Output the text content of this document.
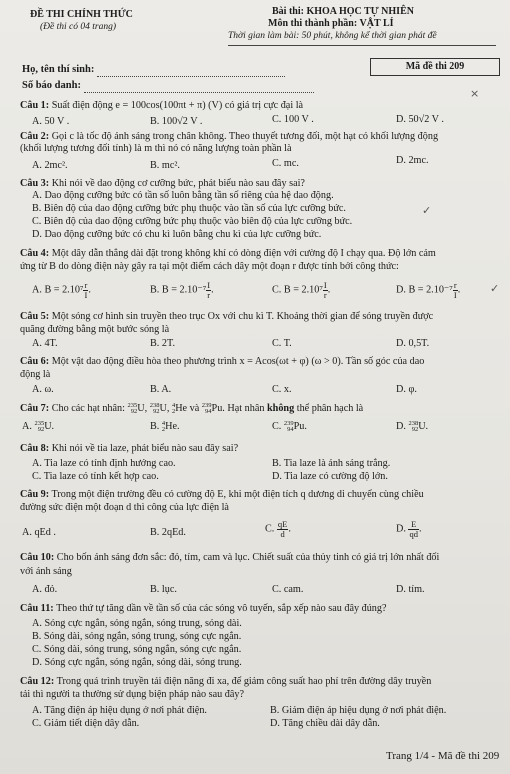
ĐỀ THI CHÍNH THỨC
(Đề thi có 04 trang)
Bài thi: KHOA HỌC TỰ NHIÊN
Môn thi thành phần: VẬT LÍ
Thời gian làm bài: 50 phút, không kể thời gian phát đề
Mã đề thi 209
Họ, tên thí sinh:
Số báo danh:
Câu 1: Suất điện động e = 100cos(100πt + π) (V) có giá trị cực đại là
A. 50 V .	B. 100√2 V .	C. 100 V .	D. 50√2 V .
×
Câu 2: Gọi c là tốc độ ánh sáng trong chân không. Theo thuyết tương đối, một hạt có khối lượng động
(khối lượng tương đối tính) là m thì nó có năng lượng toàn phần là
A. 2mc².	B. mc².	C. mc.	D. 2mc.
Câu 3: Khi nói về dao động cơ cưỡng bức, phát biểu nào sau đây sai?
A. Dao động cưỡng bức có tần số luôn bằng tần số riêng của hệ dao động.
B. Biên độ của dao động cưỡng bức phụ thuộc vào tần số của lực cưỡng bức.
C. Biên độ của dao động cưỡng bức phụ thuộc vào biên độ của lực cưỡng bức.
D. Dao động cưỡng bức có chu kì luôn bằng chu kì của lực cưỡng bức.
✓
Câu 4: Một dây dẫn thẳng dài đặt trong không khí có dòng điện với cường độ I chạy qua. Độ lớn cảm
ứng từ B do dòng điện này gây ra tại một điểm cách dây một đoạn r được tính bởi công thức:
A. $B = 2.10^7 \frac{r}{I}$ .	B. $B = 2.10^{-7} \frac{I}{r}$ .	C. $B = 2.10^7 \frac{I}{r}$ .	D. $B = 2.10^{-7} \frac{r}{I}$ .	✓
Câu 5: Một sóng cơ hình sin truyền theo trục Ox với chu kì T. Khoảng thời gian để sóng truyền được
quãng đường bằng một bước sóng là
A. 4T.	B. 2T.	C. T.	D. 0,5T.
Câu 6: Một vật dao động điều hòa theo phương trình x = Acos(ωt + φ) (ω > 0). Tần số góc của dao
động là
A. ω.	B. A.	C. x.	D. φ.
Câu 7: Cho các hạt nhân: 235
92 U, 238
92 U, 4
2 He và 239
94 Pu. Hạt nhân không thể phân hạch là
A. 235
92 U.	B. 4
2 He.	C. 239
94 Pu.	D. 238
92 U.
Câu 8: Khi nói về tia laze, phát biểu nào sau đây sai?
A. Tia laze có tính định hướng cao.	B. Tia laze là ánh sáng trắng.
C. Tia laze có tính kết hợp cao.	D. Tia laze có cường độ lớn.
Câu 9: Trong một điện trường đều có cường độ E, khi một điện tích q dương di chuyển cùng chiều
đường sức điện một đoạn d thì công của lực điện là
A. qEd .	B. 2qEd.	C. $\frac{qE}{d}$ .	D. $\frac{E}{qd}$ .
Câu 10: Cho bốn ánh sáng đơn sắc: đỏ, tím, cam và lục. Chiết suất của thủy tinh có giá trị lớn nhất đối
với ánh sáng
A. đỏ.	B. lục.	C. cam.	D. tím.
Câu 11: Theo thứ tự tăng dần về tần số của các sóng vô tuyến, sắp xếp nào sau đây đúng?
A. Sóng cực ngắn, sóng ngắn, sóng trung, sóng dài.
B. Sóng dài, sóng ngắn, sóng trung, sóng cực ngắn.
C. Sóng dài, sóng trung, sóng ngắn, sóng cực ngắn.
D. Sóng cực ngắn, sóng ngắn, sóng dài, sóng trung.
Câu 12: Trong quá trình truyền tải điện năng đi xa, để giảm công suất hao phí trên đường dây truyền
tải thì người ta thường sử dụng biện pháp nào sau đây?
A. Tăng điện áp hiệu dụng ở nơi phát điện.	B. Giảm điện áp hiệu dụng ở nơi phát điện.
C. Giảm tiết diện dây dẫn.	D. Tăng chiều dài dây dẫn.
Trang 1/4 - Mã đề thi 209
